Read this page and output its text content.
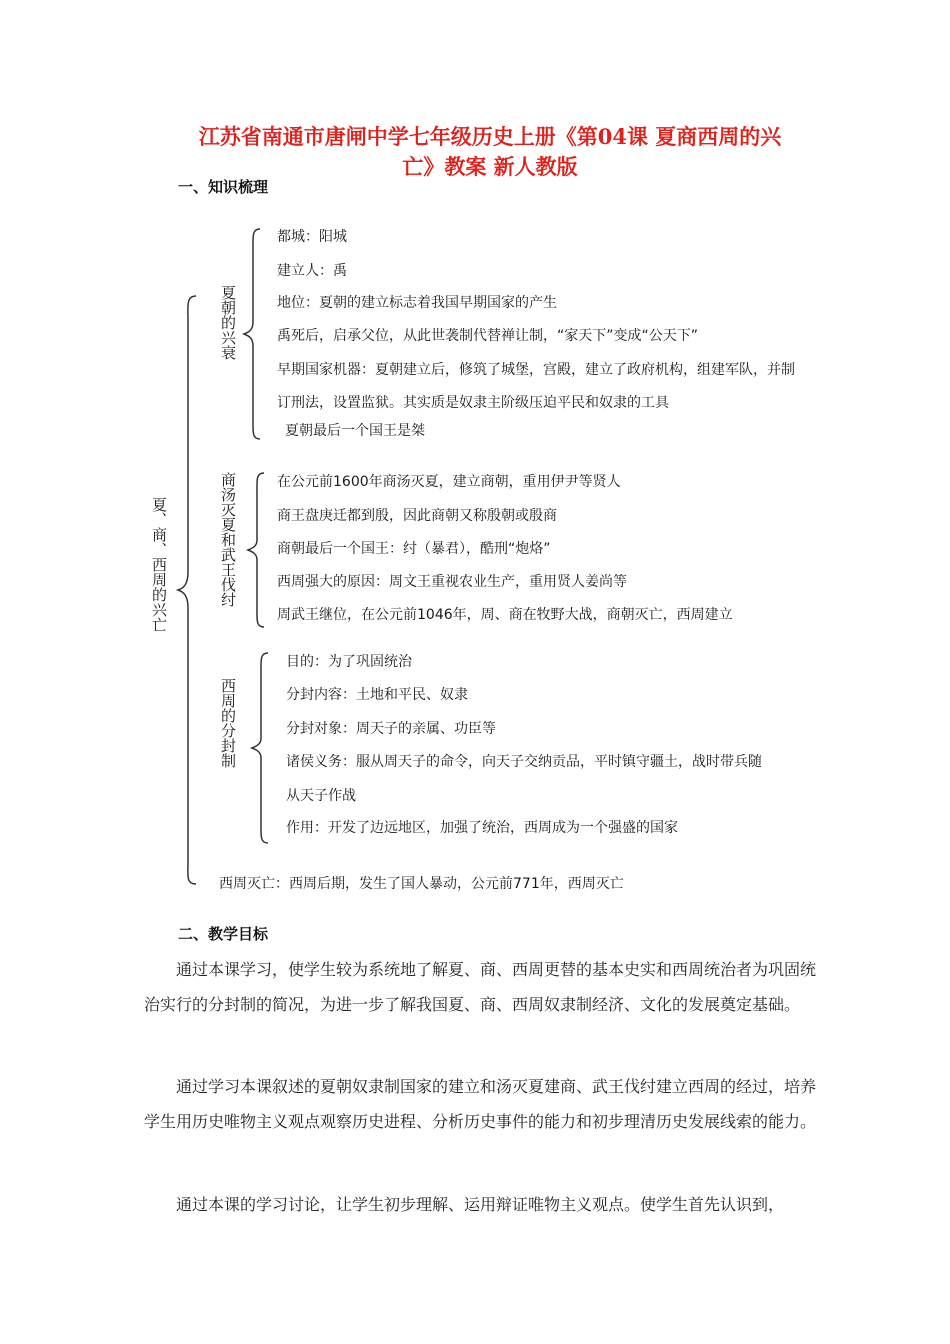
江苏省南通市唐闸中学七年级历史上册《第04课 夏商西周的兴
亡》教案 新人教版
一、知识梳理
夏、商、西周的兴亡
夏朝的兴衰
都城：阳城
建立人：禹
地位：夏朝的建立标志着我国早期国家的产生
禹死后，启承父位，从此世袭制代替禅让制，“家天下”变成“公天下”
早期国家机器：夏朝建立后，修筑了城堡，宫殿，建立了政府机构，组建军队，并制
订刑法，设置监狱。其实质是奴隶主阶级压迫平民和奴隶的工具
夏朝最后一个国王是桀
商汤灭夏和武王伐纣	在公元前1600年商汤灭夏，建立商朝，重用伊尹等贤人
商王盘庚迁都到殷，因此商朝又称殷朝或殷商
商朝最后一个国王：纣（暴君），酷刑“炮烙”
西周强大的原因：周文王重视农业生产，重用贤人姜尚等
周武王继位，在公元前1046年，周、商在牧野大战，商朝灭亡，西周建立
西周的分封制
目的：为了巩固统治
分封内容：土地和平民、奴隶
分封对象：周天子的亲属、功臣等
诸侯义务：服从周天子的命令，向天子交纳贡品，平时镇守疆土，战时带兵随
从天子作战
作用：开发了边远地区，加强了统治，西周成为一个强盛的国家
西周灭亡：西周后期，发生了国人暴动，公元前771年，西周灭亡
二、教学目标

通过本课学习，使学生较为系统地了解夏、商、西周更替的基本史实和西周统治者为巩固统治实行的分封制的简况，为进一步了解我国夏、商、西周奴隶制经济、文化的发展奠定基础。

通过学习本课叙述的夏朝奴隶制国家的建立和汤灭夏建商、武王伐纣建立西周的经过，培养学生用历史唯物主义观点观察历史进程、分析历史事件的能力和初步理清历史发展线索的能力。

通过本课的学习讨论，让学生初步理解、运用辩证唯物主义观点。使学生首先认识到，
